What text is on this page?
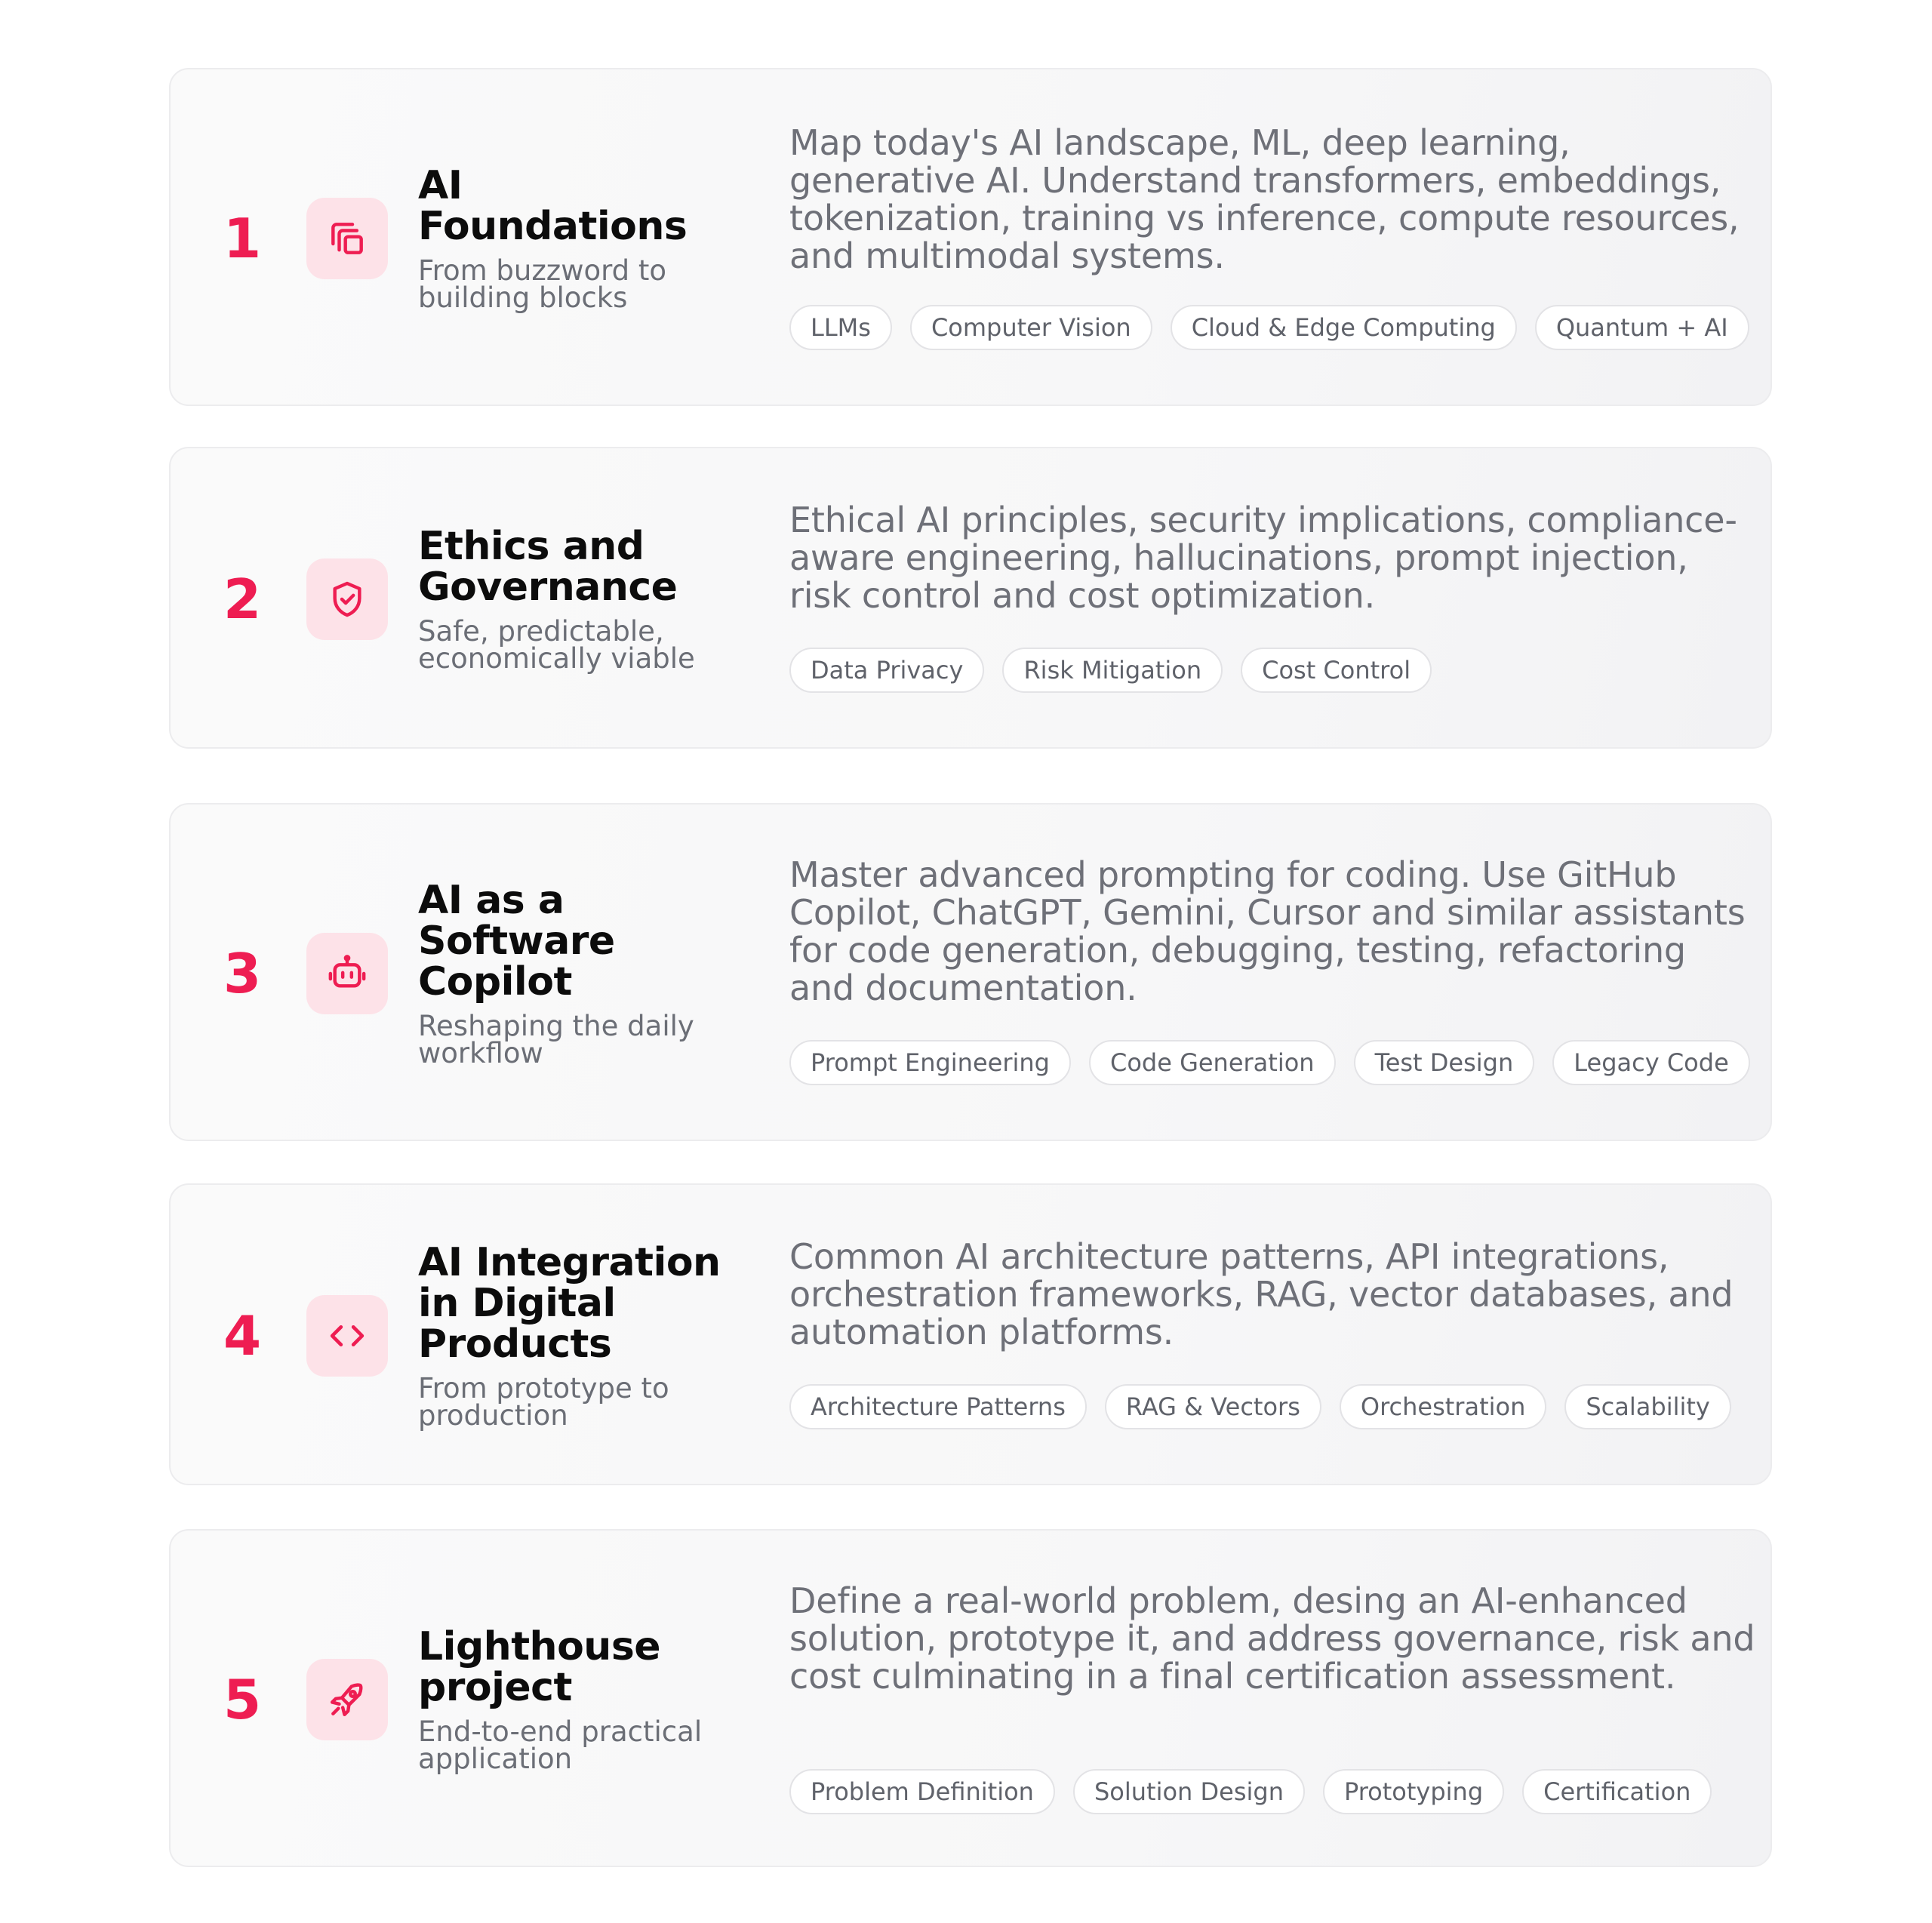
1
AI Foundations
From buzzword to building blocks
Map today's AI landscape, ML, deep learning, generative AI. Understand transformers, embeddings, tokenization, training vs inference, compute resources, and multimodal systems.
LLMs	Computer Vision	Cloud & Edge Computing	Quantum + AI
2
Ethics and Governance
Safe, predictable, economically viable
Ethical AI principles, security implications, compliance-aware engineering, hallucinations, prompt injection, risk control and cost optimization.
Data Privacy	Risk Mitigation	Cost Control
3
AI as a Software Copilot
Reshaping the daily workflow
Master advanced prompting for coding. Use GitHub Copilot, ChatGPT, Gemini, Cursor and similar assistants for code generation, debugging, testing, refactoring and documentation.
Prompt Engineering	Code Generation	Test Design	Legacy Code
4
AI Integration in Digital Products
From prototype to production
Common AI architecture patterns, API integrations, orchestration frameworks, RAG, vector databases, and automation platforms.
Architecture Patterns	RAG & Vectors	Orchestration	Scalability
5
Lighthouse project
End-to-end practical application
Define a real-world problem, desing an AI-enhanced solution, prototype it, and address governance, risk and cost culminating in a final certification assessment.
Problem Definition	Solution Design	Prototyping	Certification
